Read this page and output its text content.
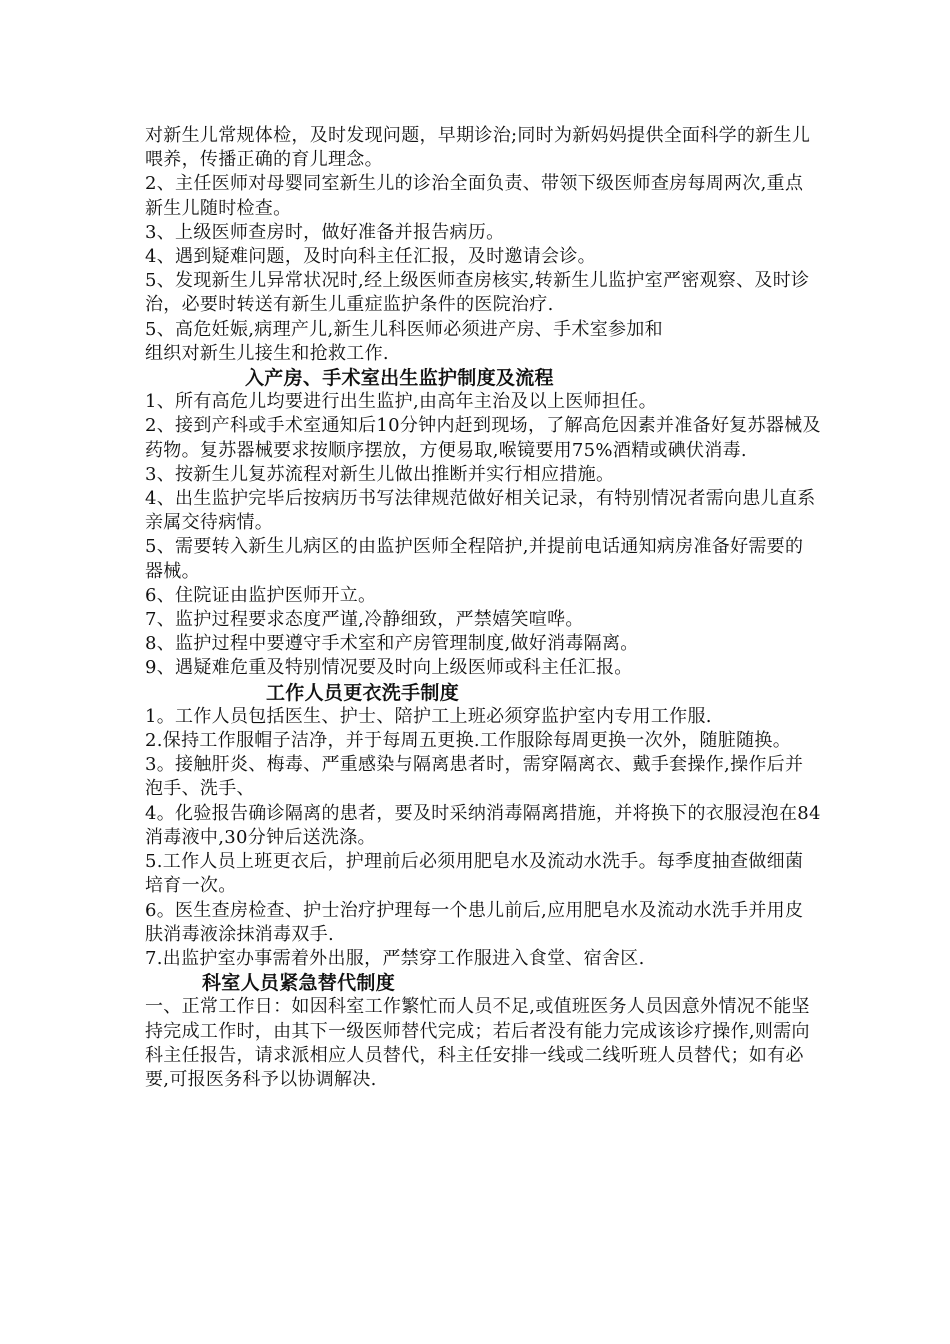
对新生儿常规体检，及时发现问题，早期诊治;同时为新妈妈提供全面科学的新生儿喂养，传播正确的育儿理念。

2、主任医师对母婴同室新生儿的诊治全面负责、带领下级医师查房每周两次,重点新生儿随时检查。

3、上级医师查房时，做好准备并报告病历。

4、遇到疑难问题，及时向科主任汇报，及时邀请会诊。

5、发现新生儿异常状况时,经上级医师查房核实,转新生儿监护室严密观察、及时诊治，必要时转送有新生儿重症监护条件的医院治疗.

5、高危妊娠,病理产儿,新生儿科医师必须进产房、手术室参加和

组织对新生儿接生和抢救工作.

入产房、手术室出生监护制度及流程

1、所有高危儿均要进行出生监护,由高年主治及以上医师担任。

2、接到产科或手术室通知后10分钟内赶到现场，了解高危因素并准备好复苏器械及药物。复苏器械要求按顺序摆放，方便易取,喉镜要用75%酒精或碘伏消毒.

3、按新生儿复苏流程对新生儿做出推断并实行相应措施。

4、出生监护完毕后按病历书写法律规范做好相关记录，有特别情况者需向患儿直系亲属交待病情。

5、需要转入新生儿病区的由监护医师全程陪护,并提前电话通知病房准备好需要的器械。

6、住院证由监护医师开立。

7、监护过程要求态度严谨,冷静细致，严禁嬉笑喧哗。

8、监护过程中要遵守手术室和产房管理制度,做好消毒隔离。

9、遇疑难危重及特别情况要及时向上级医师或科主任汇报。

工作人员更衣洗手制度

1。工作人员包括医生、护士、陪护工上班必须穿监护室内专用工作服.

2.保持工作服帽子洁净，并于每周五更换.工作服除每周更换一次外，随脏随换。

3。接触肝炎、梅毒、严重感染与隔离患者时，需穿隔离衣、戴手套操作,操作后并泡手、洗手、

4。化验报告确诊隔离的患者，要及时采纳消毒隔离措施，并将换下的衣服浸泡在84消毒液中,30分钟后送洗涤。

5.工作人员上班更衣后，护理前后必须用肥皂水及流动水洗手。每季度抽查做细菌培育一次。

6。医生查房检查、护士治疗护理每一个患儿前后,应用肥皂水及流动水洗手并用皮肤消毒液涂抹消毒双手.

7.出监护室办事需着外出服，严禁穿工作服进入食堂、宿舍区.

科室人员紧急替代制度

一、正常工作日：如因科室工作繁忙而人员不足,或值班医务人员因意外情况不能坚持完成工作时，由其下一级医师替代完成；若后者没有能力完成该诊疗操作,则需向科主任报告，请求派相应人员替代，科主任安排一线或二线听班人员替代；如有必要,可报医务科予以协调解决.
